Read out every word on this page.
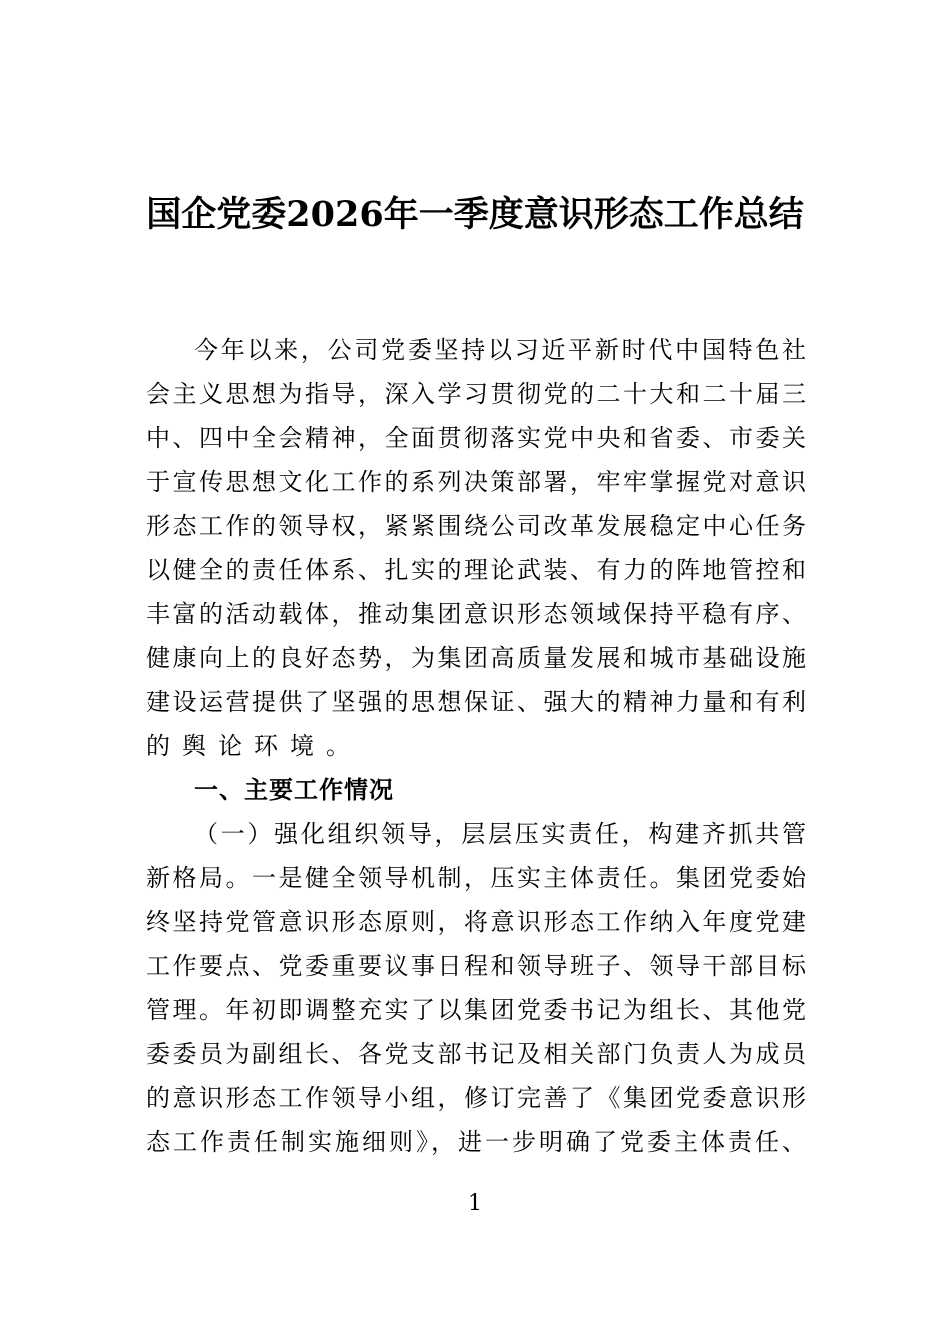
国企党委2026年一季度意识形态工作总结
今年以来，公司党委坚持以习近平新时代中国特色社
会主义思想为指导，深入学习贯彻党的二十大和二十届三
中、四中全会精神，全面贯彻落实党中央和省委、市委关
于宣传思想文化工作的系列决策部署，牢牢掌握党对意识
形态工作的领导权，紧紧围绕公司改革发展稳定中心任务
以健全的责任体系、扎实的理论武装、有力的阵地管控和
丰富的活动载体，推动集团意识形态领域保持平稳有序、
健康向上的良好态势，为集团高质量发展和城市基础设施
建设运营提供了坚强的思想保证、强大的精神力量和有利
的舆论环境。
一、主要工作情况
（一）强化组织领导，层层压实责任，构建齐抓共管
新格局。一是健全领导机制，压实主体责任。集团党委始
终坚持党管意识形态原则，将意识形态工作纳入年度党建
工作要点、党委重要议事日程和领导班子、领导干部目标
管理。年初即调整充实了以集团党委书记为组长、其他党
委委员为副组长、各党支部书记及相关部门负责人为成员
的意识形态工作领导小组，修订完善了《集团党委意识形
态工作责任制实施细则》，进一步明确了党委主体责任、
1
